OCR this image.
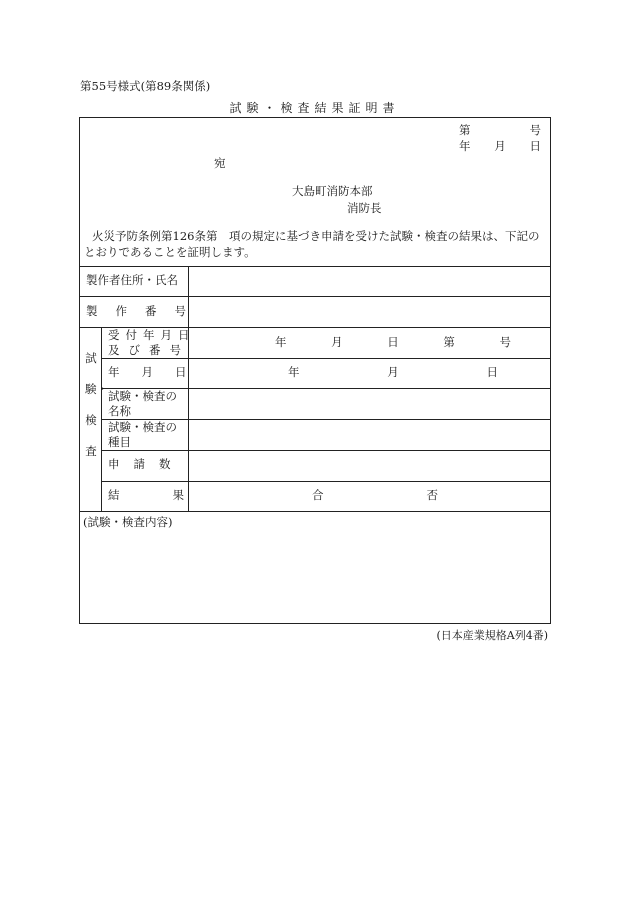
第55号様式(第89条関係)
試験・検査結果証明書
第	号
年 月 日
宛
大島町消防本部
消防長
火災予防条例第126条第　項の規定に基づき申請を受けた試験・検査の結果は、下記の
とおりであることを証明します。
製作者住所・氏名
製作番号
試験・検査
受付年月日
及び番号
年	月	日	第	号
年月日	年	月	日
試験・検査の
名称
試験・検査の
種目
申請数
結果	合	否
(試験・検査内容)
(日本産業規格A列4番)
